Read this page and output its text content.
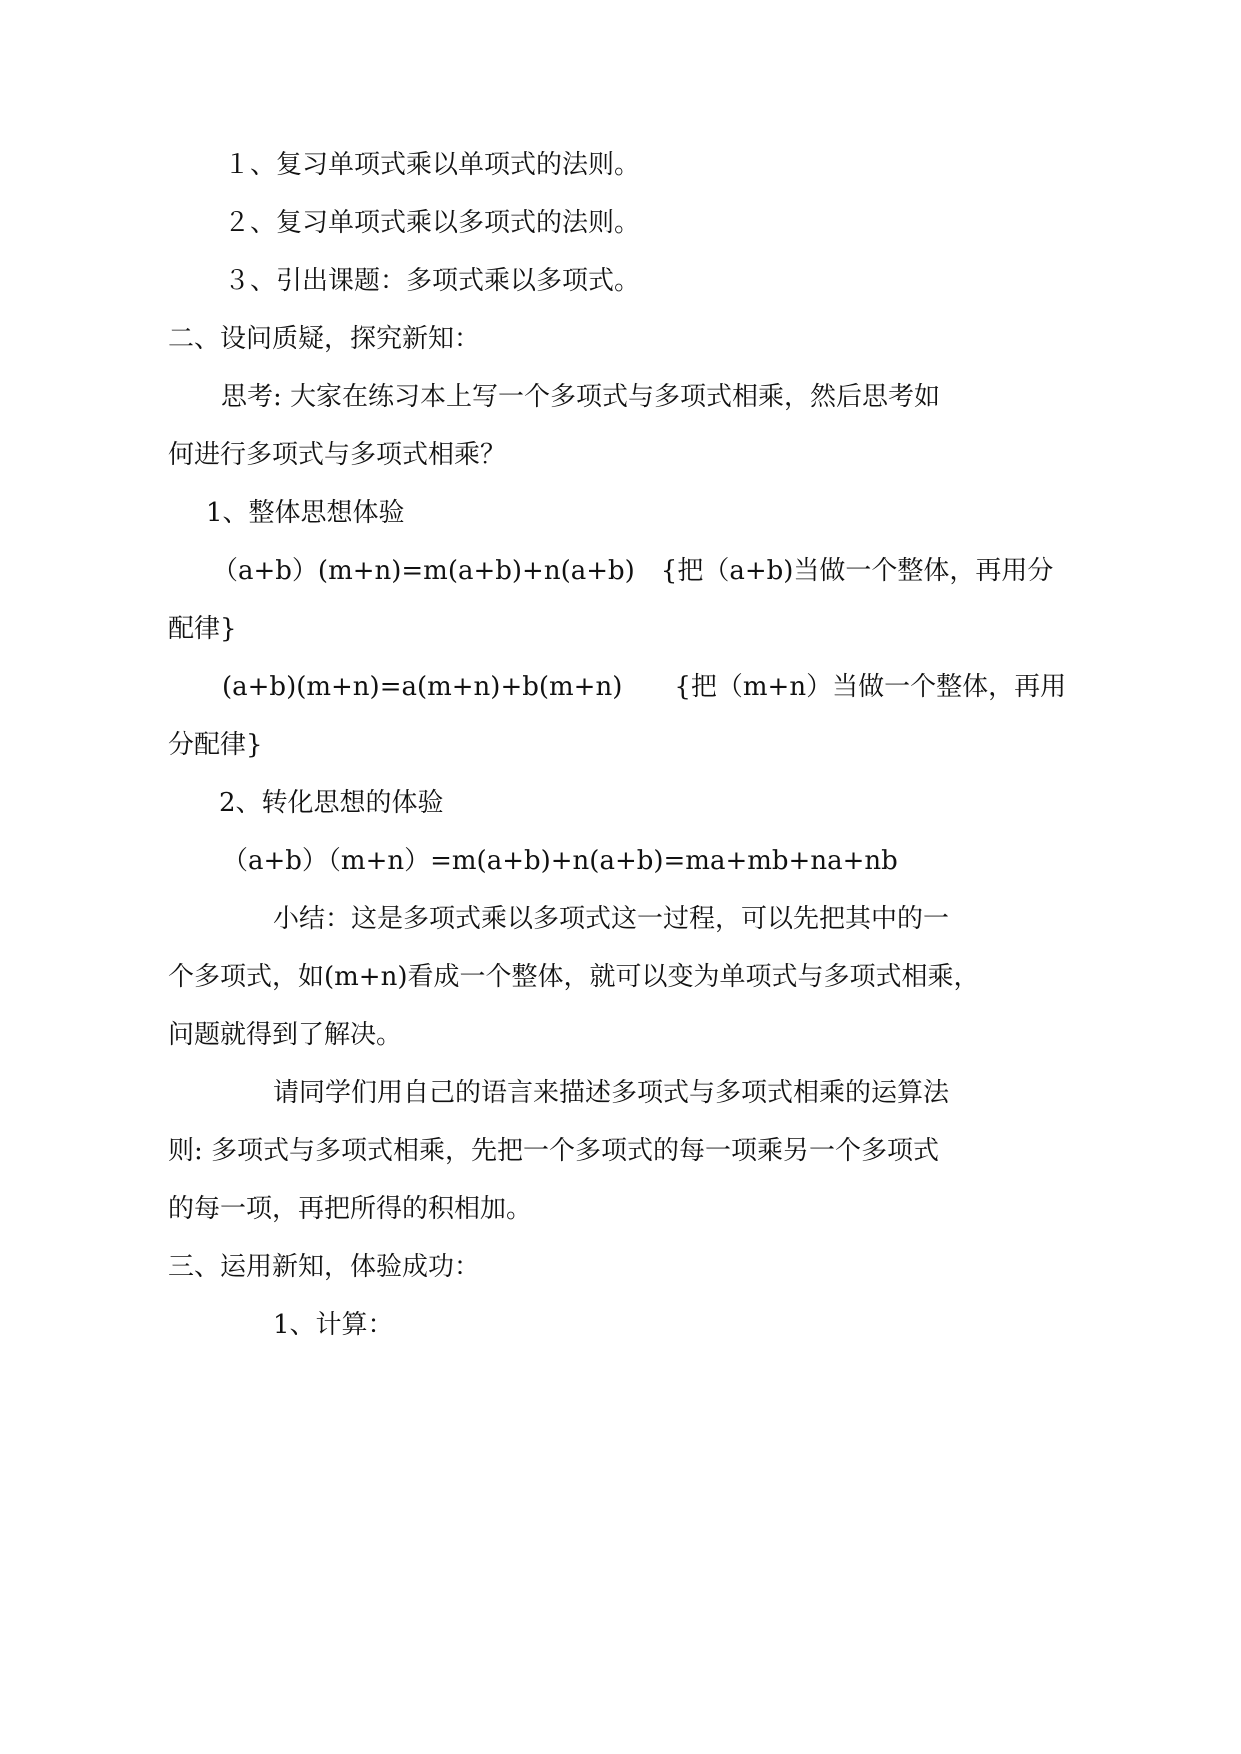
１、复习单项式乘以单项式的法则。
２、复习单项式乘以多项式的法则。
３、引出课题：多项式乘以多项式。
二、设问质疑，探究新知：
思考: 大家在练习本上写一个多项式与多项式相乘，然后思考如
何进行多项式与多项式相乘？
1、整体思想体验
（a+b）(m+n)=m(a+b)+n(a+b)　{把（a+b)当做一个整体，再用分
配律}
(a+b)(m+n)=a(m+n)+b(m+n)　　{把（m+n）当做一个整体，再用
分配律}
2、转化思想的体验
（a+b）（m+n）=m(a+b)+n(a+b)=ma+mb+na+nb
小结：这是多项式乘以多项式这一过程，可以先把其中的一
个多项式，如(m+n)看成一个整体，就可以变为单项式与多项式相乘，
问题就得到了解决。
请同学们用自己的语言来描述多项式与多项式相乘的运算法
则: 多项式与多项式相乘，先把一个多项式的每一项乘另一个多项式
的每一项，再把所得的积相加。
三、运用新知，体验成功：
1、计算：
